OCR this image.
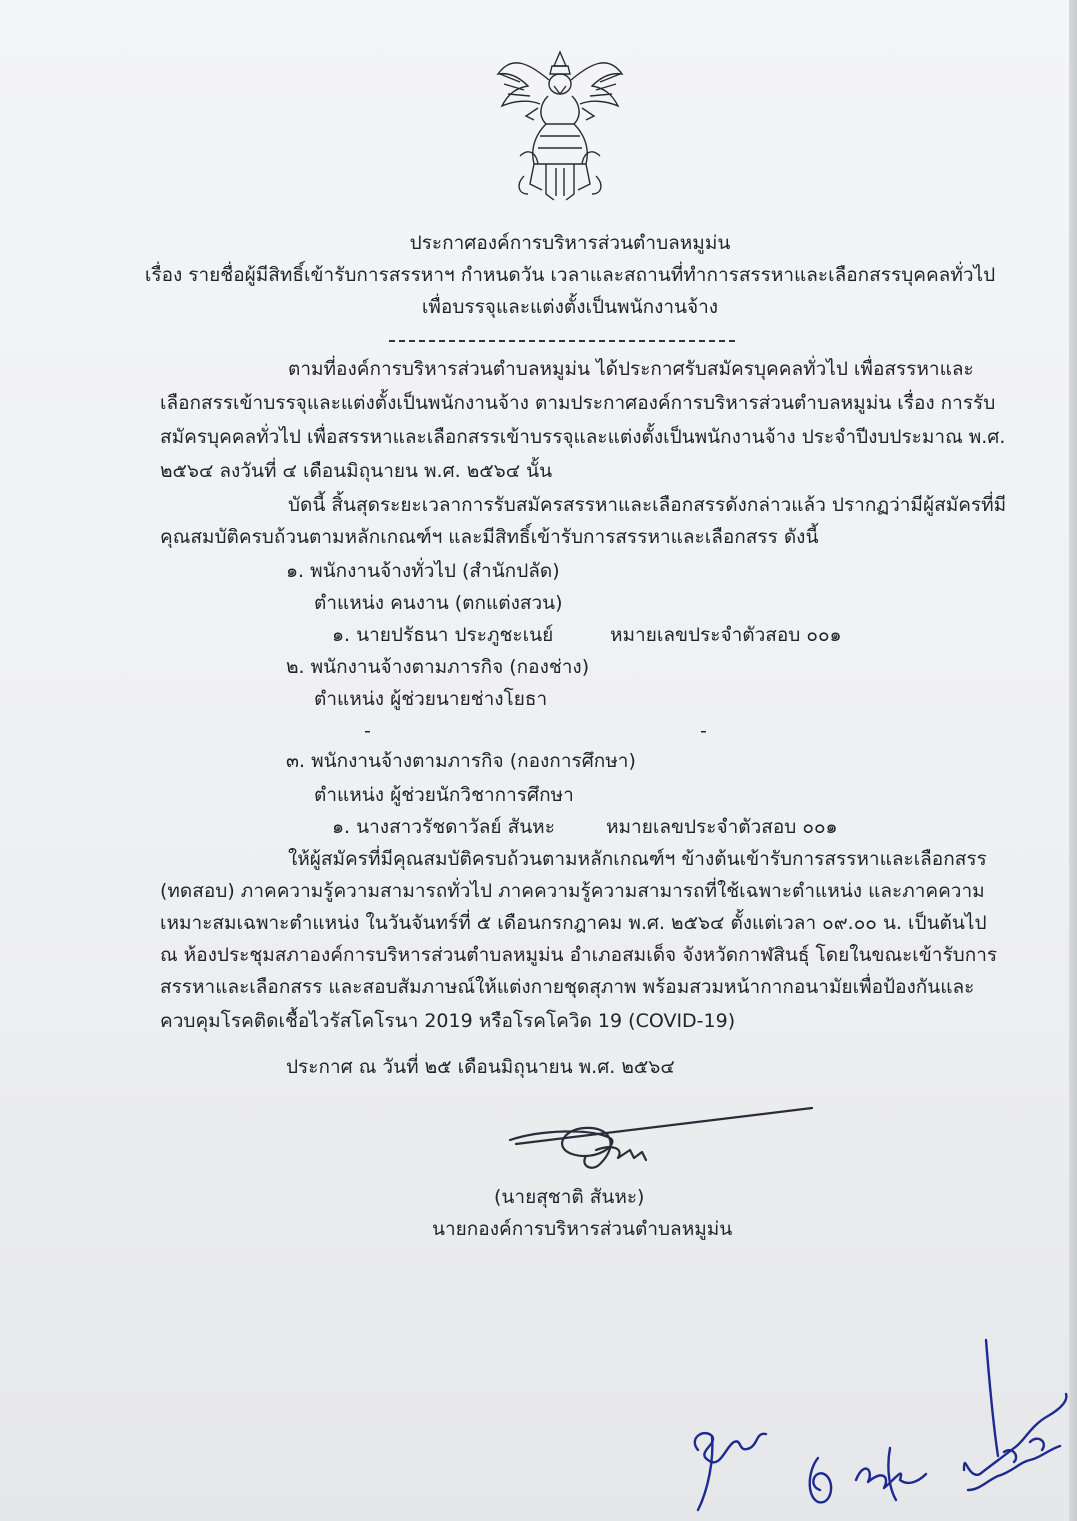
ประกาศองค์การบริหารส่วนตำบลหมูม่น
เรื่อง รายชื่อผู้มีสิทธิ์เข้ารับการสรรหาฯ กำหนดวัน เวลาและสถานที่ทำการสรรหาและเลือกสรรบุคคลทั่วไป
เพื่อบรรจุและแต่งตั้งเป็นพนักงานจ้าง
ตามที่องค์การบริหารส่วนตำบลหมูม่น ได้ประกาศรับสมัครบุคคลทั่วไป เพื่อสรรหาและ
เลือกสรรเข้าบรรจุและแต่งตั้งเป็นพนักงานจ้าง ตามประกาศองค์การบริหารส่วนตำบลหมูม่น เรื่อง การรับ
สมัครบุคคลทั่วไป เพื่อสรรหาและเลือกสรรเข้าบรรจุและแต่งตั้งเป็นพนักงานจ้าง ประจำปีงบประมาณ พ.ศ.
๒๕๖๔ ลงวันที่ ๔ เดือนมิถุนายน พ.ศ. ๒๕๖๔ นั้น
บัดนี้ สิ้นสุดระยะเวลาการรับสมัครสรรหาและเลือกสรรดังกล่าวแล้ว ปรากฏว่ามีผู้สมัครที่มี
คุณสมบัติครบถ้วนตามหลักเกณฑ์ฯ และมีสิทธิ์เข้ารับการสรรหาและเลือกสรร ดังนี้
๑. พนักงานจ้างทั่วไป (สำนักปลัด)
ตำแหน่ง คนงาน (ตกแต่งสวน)
๑. นายปรัธนา ประภูชะเนย์	หมายเลขประจำตัวสอบ ๐๐๑
๒. พนักงานจ้างตามภารกิจ (กองช่าง)
ตำแหน่ง ผู้ช่วยนายช่างโยธา
-	-
๓. พนักงานจ้างตามภารกิจ (กองการศึกษา)
ตำแหน่ง ผู้ช่วยนักวิชาการศึกษา
๑. นางสาวรัชดาวัลย์ สันหะ	หมายเลขประจำตัวสอบ ๐๐๑
ให้ผู้สมัครที่มีคุณสมบัติครบถ้วนตามหลักเกณฑ์ฯ ข้างต้นเข้ารับการสรรหาและเลือกสรร
(ทดสอบ) ภาคความรู้ความสามารถทั่วไป ภาคความรู้ความสามารถที่ใช้เฉพาะตำแหน่ง และภาคความ
เหมาะสมเฉพาะตำแหน่ง ในวันจันทร์ที่ ๕ เดือนกรกฎาคม พ.ศ. ๒๕๖๔ ตั้งแต่เวลา ๐๙.๐๐ น. เป็นต้นไป
ณ ห้องประชุมสภาองค์การบริหารส่วนตำบลหมูม่น อำเภอสมเด็จ จังหวัดกาฬสินธุ์ โดยในขณะเข้ารับการ
สรรหาและเลือกสรร และสอบสัมภาษณ์ให้แต่งกายชุดสุภาพ พร้อมสวมหน้ากากอนามัยเพื่อป้องกันและ
ควบคุมโรคติดเชื้อไวรัสโคโรนา 2019 หรือโรคโควิด 19 (COVID-19)
ประกาศ ณ วันที่ ๒๕ เดือนมิถุนายน พ.ศ. ๒๕๖๔
(นายสุชาติ สันหะ)
นายกองค์การบริหารส่วนตำบลหมูม่น
